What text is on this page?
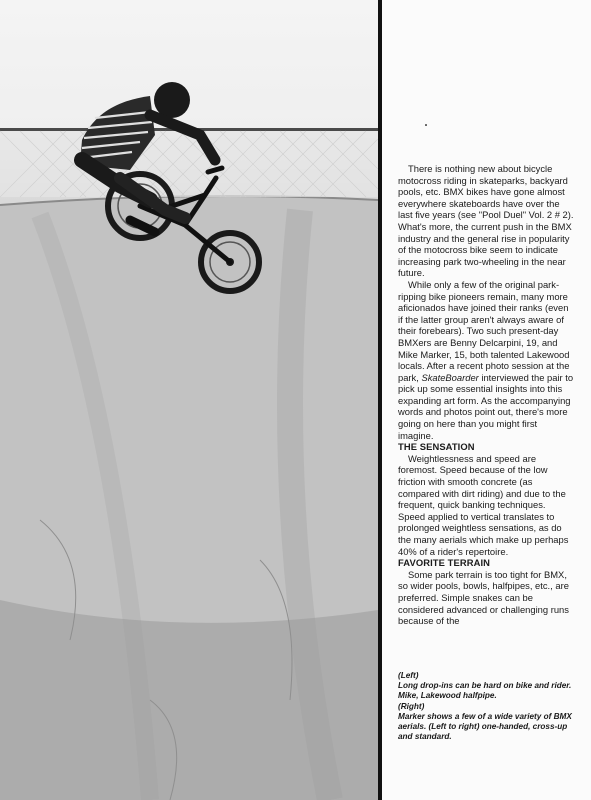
There is nothing new about bicycle motocross riding in skateparks, backyard pools, etc. BMX bikes have gone almost everywhere skateboards have over the last five years (see "Pool Duel" Vol. 2 # 2). What's more, the current push in the BMX industry and the general rise in popularity of the motocross bike seem to indicate increasing park two-wheeling in the near future.

While only a few of the original park-ripping bike pioneers remain, many more aficionados have joined their ranks (even if the latter group aren't always aware of their forebears). Two such present-day BMXers are Benny Delcarpini, 19, and Mike Marker, 15, both talented Lakewood locals. After a recent photo session at the park, SkateBoarder interviewed the pair to pick up some essential insights into this expanding art form. As the accompanying words and photos point out, there's more going on here than you might first imagine.

THE SENSATION

Weightlessness and speed are foremost. Speed because of the low friction with smooth concrete (as compared with dirt riding) and due to the frequent, quick banking techniques. Speed applied to vertical translates to prolonged weightless sensations, as do the many aerials which make up perhaps 40% of a rider's repertoire.

FAVORITE TERRAIN

Some park terrain is too tight for BMX, so wider pools, bowls, halfpipes, etc., are preferred. Simple snakes can be considered advanced or challenging runs because of the

(Left)
Long drop-ins can be hard on bike and rider. Mike, Lakewood halfpipe.
(Right)
Marker shows a few of a wide variety of BMX aerials. (Left to right) one-handed, cross-up and standard.
